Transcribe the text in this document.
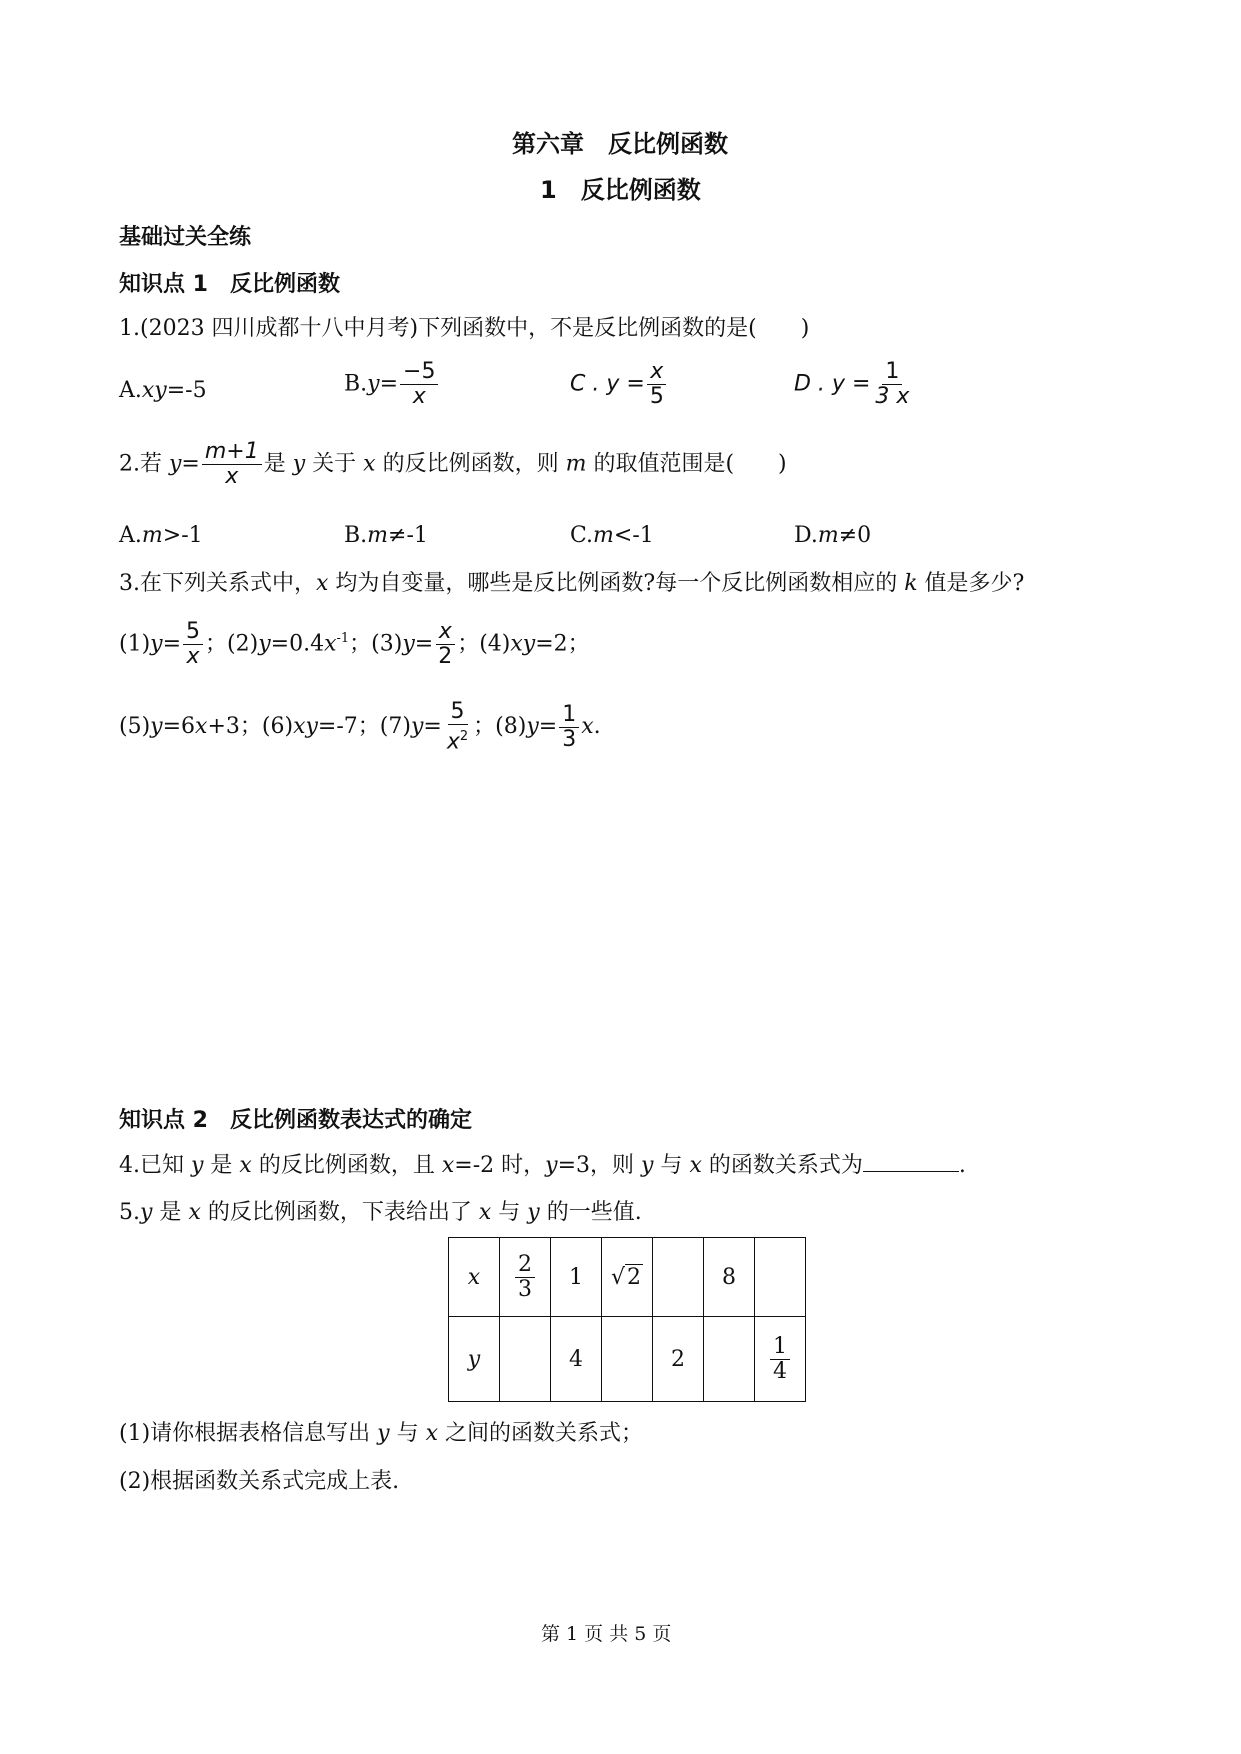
第六章　反比例函数
1　反比例函数
基础过关全练
知识点 1　反比例函数
1.(2023 四川成都十八中月考)下列函数中，不是反比例函数的是(　　)
A.xy=-5	$B.y= \frac{-5}{x}$	C . $y = \frac{x}{5}$	D . $y = \frac{1}{3 x}$
2.若 $y= \frac{m+1}{x}$ 是 y 关于 x 的反比例函数，则 m 的取值范围是(　　)
A.m>-1	B.m≠-1	C.m<-1	D.m≠0
3.在下列关系式中，x 均为自变量，哪些是反比例函数?每一个反比例函数相应的 k 值是多少?
$(1)y= \frac{5}{x}$ ；$(2)y=0.4x^{-1}$；$(3)y= \frac{x}{2}$ ；(4)xy=2；
(5)y=6x+3；(6)xy=-7；$(7)y= \frac{5}{x^2}$ ；$(8)y= \frac{1}{3} x$.
知识点 2　反比例函数表达式的确定
4.已知 y 是 x 的反比例函数，且 x=-2 时，y=3，则 y 与 x 的函数关系式为	.
5.y 是 x 的反比例函数，下表给出了 x 与 y 的一些值.
x	$\frac{2}{3}$	1	√2		8	
y		4		2		$\frac{1}{4}$
(1)请你根据表格信息写出 y 与 x 之间的函数关系式；
(2)根据函数关系式完成上表.
第 1 页 共 5 页
